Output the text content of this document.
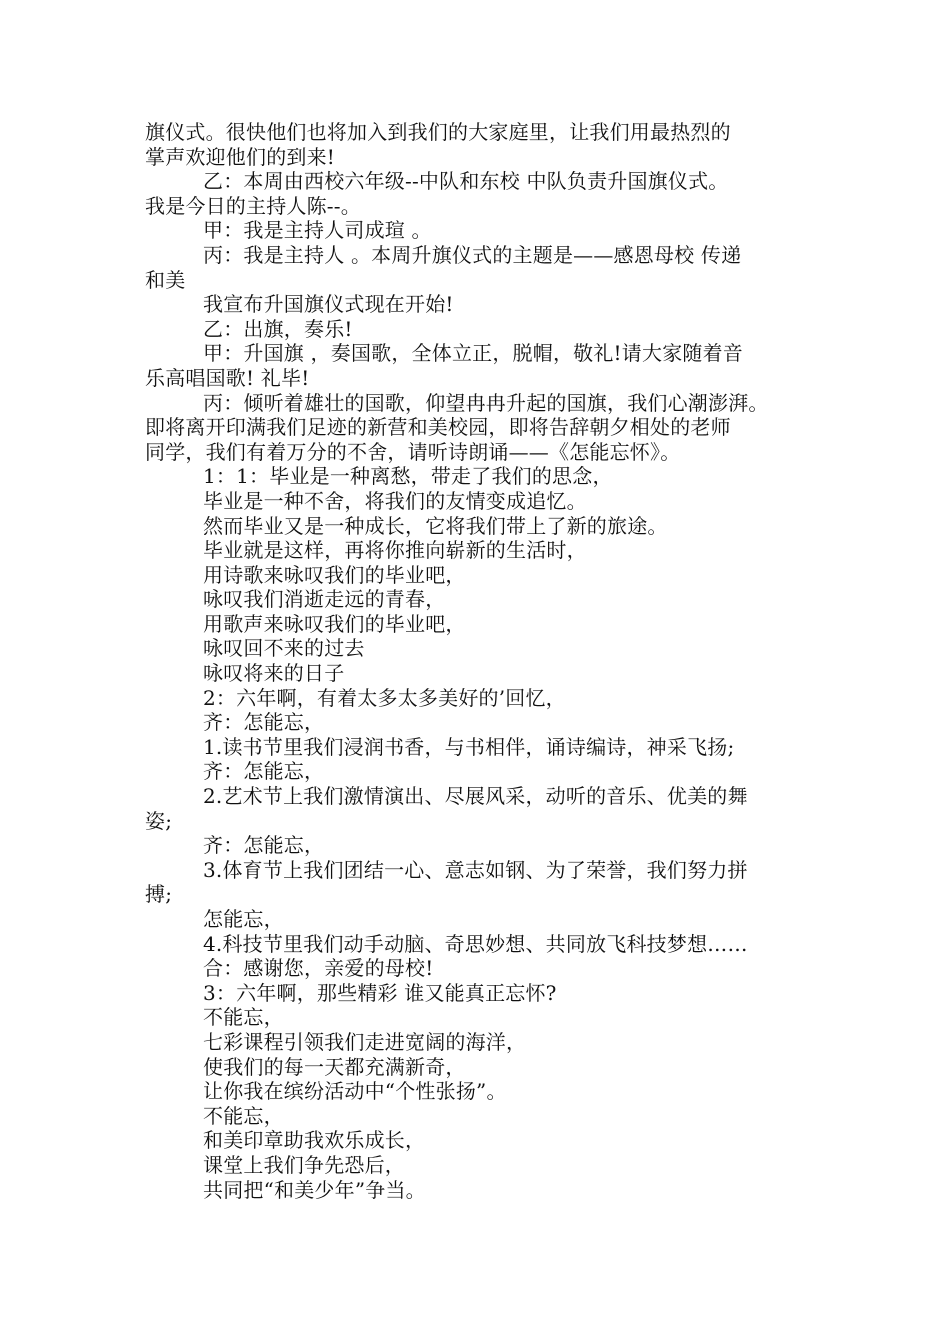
旗仪式。很快他们也将加入到我们的大家庭里，让我们用最热烈的
掌声欢迎他们的到来!
乙：本周由西校六年级--中队和东校 中队负责升国旗仪式。
我是今日的主持人陈--。
甲：我是主持人司成瑄 。
丙：我是主持人 。本周升旗仪式的主题是——感恩母校 传递
和美
我宣布升国旗仪式现在开始!
乙：出旗，奏乐!
甲：升国旗 ，奏国歌，全体立正，脱帽，敬礼!请大家随着音
乐高唱国歌! 礼毕!
丙：倾听着雄壮的国歌，仰望冉冉升起的国旗，我们心潮澎湃。
即将离开印满我们足迹的新营和美校园，即将告辞朝夕相处的老师
同学，我们有着万分的不舍，请听诗朗诵——《怎能忘怀》。
1：1：毕业是一种离愁，带走了我们的思念，
毕业是一种不舍，将我们的友情变成追忆。
然而毕业又是一种成长，它将我们带上了新的旅途。
毕业就是这样，再将你推向崭新的生活时，
用诗歌来咏叹我们的毕业吧，
咏叹我们消逝走远的青春，
用歌声来咏叹我们的毕业吧，
咏叹回不来的过去
咏叹将来的日子
2：六年啊，有着太多太多美好的’回忆，
齐：怎能忘，
1.读书节里我们浸润书香，与书相伴，诵诗编诗，神采飞扬;
齐：怎能忘，
2.艺术节上我们激情演出、尽展风采，动听的音乐、优美的舞
姿;
齐：怎能忘，
3.体育节上我们团结一心、意志如钢、为了荣誉，我们努力拼
搏;
怎能忘，
4.科技节里我们动手动脑、奇思妙想、共同放飞科技梦想……
合：感谢您，亲爱的母校!
3：六年啊，那些精彩 谁又能真正忘怀?
不能忘，
七彩课程引领我们走进宽阔的海洋，
使我们的每一天都充满新奇，
让你我在缤纷活动中“个性张扬”。
不能忘，
和美印章助我欢乐成长，
课堂上我们争先恐后，
共同把“和美少年”争当。
